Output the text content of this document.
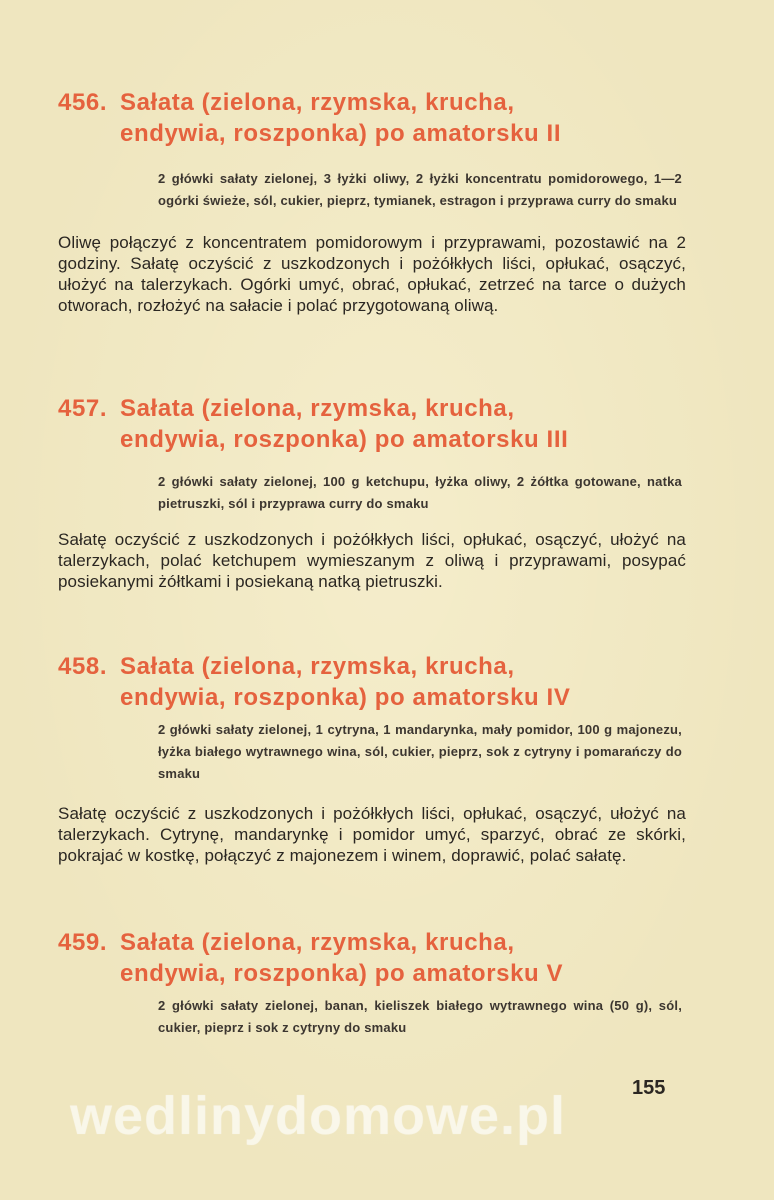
456. Sałata (zielona, rzymska, krucha,
endywia, roszponka) po amatorsku II
2 główki sałaty zielonej, 3 łyżki oliwy, 2 łyżki koncentratu pomidorowego, 1—2 ogórki świeże, sól, cukier, pieprz, tymianek, estragon i przyprawa curry do smaku
Oliwę połączyć z koncentratem pomidorowym i przyprawami, pozostawić na 2 godziny. Sałatę oczyścić z uszkodzonych i pożółkłych liści, opłukać, osączyć, ułożyć na talerzykach. Ogórki umyć, obrać, opłukać, zetrzeć na tarce o dużych otworach, rozłożyć na sałacie i polać przygotowaną oliwą.
457. Sałata (zielona, rzymska, krucha,
endywia, roszponka) po amatorsku III
2 główki sałaty zielonej, 100 g ketchupu, łyżka oliwy, 2 żółtka gotowane, natka pietruszki, sól i przyprawa curry do smaku
Sałatę oczyścić z uszkodzonych i pożółkłych liści, opłukać, osączyć, ułożyć na talerzykach, polać ketchupem wymieszanym z oliwą i przyprawami, posypać posiekanymi żółtkami i posiekaną natką pietruszki.
458. Sałata (zielona, rzymska, krucha,
endywia, roszponka) po amatorsku IV
2 główki sałaty zielonej, 1 cytryna, 1 mandarynka, mały pomidor, 100 g majonezu, łyżka białego wytrawnego wina, sól, cukier, pieprz, sok z cytryny i pomarańczy do smaku
Sałatę oczyścić z uszkodzonych i pożółkłych liści, opłukać, osączyć, ułożyć na talerzykach. Cytrynę, mandarynkę i pomidor umyć, sparzyć, obrać ze skórki, pokrajać w kostkę, połączyć z majonezem i winem, doprawić, polać sałatę.
459. Sałata (zielona, rzymska, krucha,
endywia, roszponka) po amatorsku V
2 główki sałaty zielonej, banan, kieliszek białego wytrawnego wina (50 g), sól, cukier, pieprz i sok z cytryny do smaku
155
wedlinydomowe.pl
